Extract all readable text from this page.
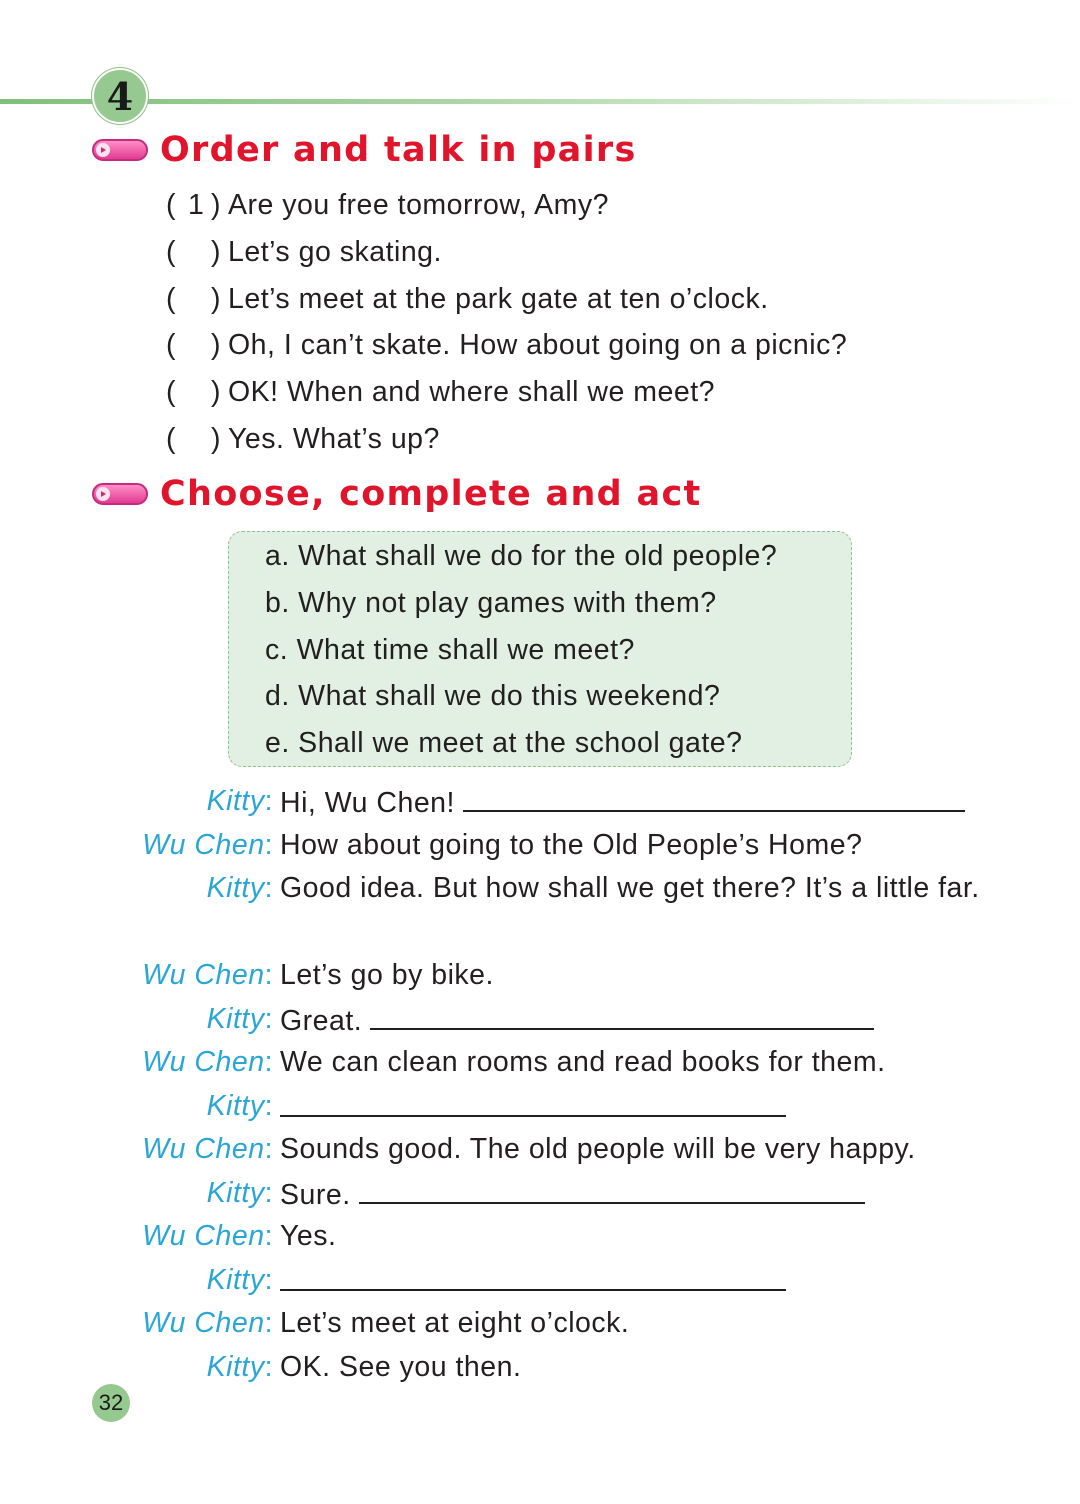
4
Order and talk in pairs
( 1 ) Are you free tomorrow, Amy?
( ) Let’s go skating.
( ) Let’s meet at the park gate at ten o’clock.
( ) Oh, I can’t skate. How about going on a picnic?
( ) OK! When and where shall we meet?
( ) Yes. What’s up?
Choose, complete and act
a. What shall we do for the old people?
b. Why not play games with them?
c. What time shall we meet?
d. What shall we do this weekend?
e. Shall we meet at the school gate?
Kitty: Hi, Wu Chen!
Wu Chen: How about going to the Old People’s Home?
Kitty: Good idea. But how shall we get there? It’s a little far.
Wu Chen: Let’s go by bike.
Kitty: Great.
Wu Chen: We can clean rooms and read books for them.
Kitty:
Wu Chen: Sounds good. The old people will be very happy.
Kitty: Sure.
Wu Chen: Yes.
Kitty:
Wu Chen: Let’s meet at eight o’clock.
Kitty: OK. See you then.
32
